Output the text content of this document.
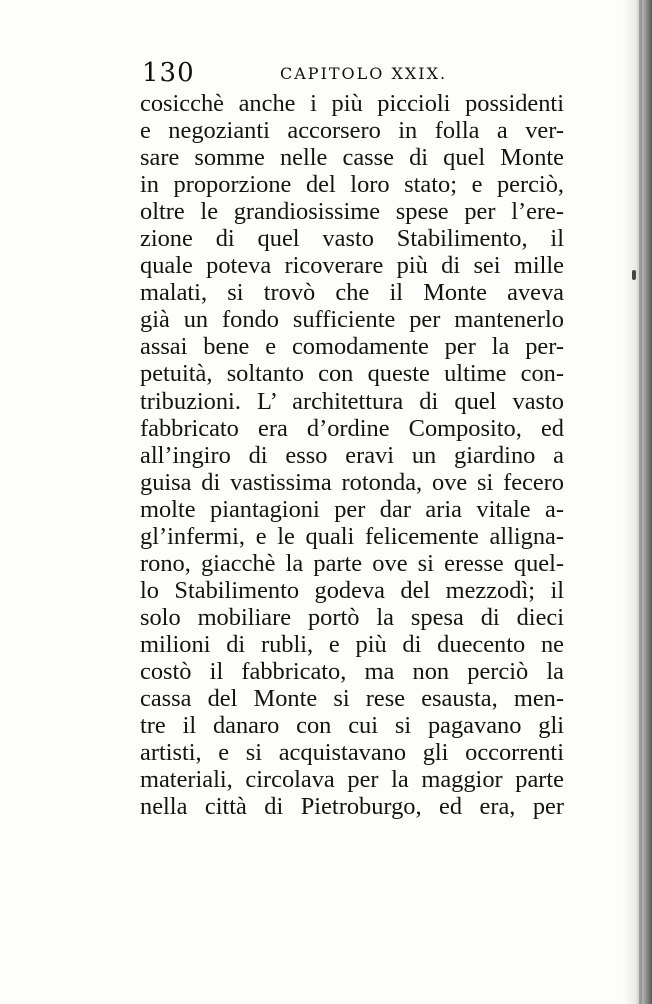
130	CAPITOLO XXIX.
cosicchè anche i più piccioli possidenti
e negozianti accorsero in folla a ver-
sare somme nelle casse di quel Monte
in proporzione del loro stato; e perciò,
oltre le grandiosissime spese per l’ere-
zione di quel vasto Stabilimento, il
quale poteva ricoverare più di sei mille
malati, si trovò che il Monte aveva
già un fondo sufficiente per mantenerlo
assai bene e comodamente per la per-
petuità, soltanto con queste ultime con-
tribuzioni. L’ architettura di quel vasto
fabbricato era d’ordine Composito, ed
all’ingiro di esso eravi un giardino a
guisa di vastissima rotonda, ove si fecero
molte piantagioni per dar aria vitale a-
gl’infermi, e le quali felicemente allignа-
rono, giacchè la parte ove si eresse quel-
lo Stabilimento godeva del mezzodì; il
solo mobiliare portò la spesa di dieci
milioni di rubli, e più di duecento ne
costò il fabbricato, ma non perciò la
cassa del Monte si rese esausta, men-
tre il danaro con cui si pagavano gli
artisti, e si acquistavano gli occorrenti
materiali, circolava per la maggior parte
nella città di Pietroburgo, ed era, per
